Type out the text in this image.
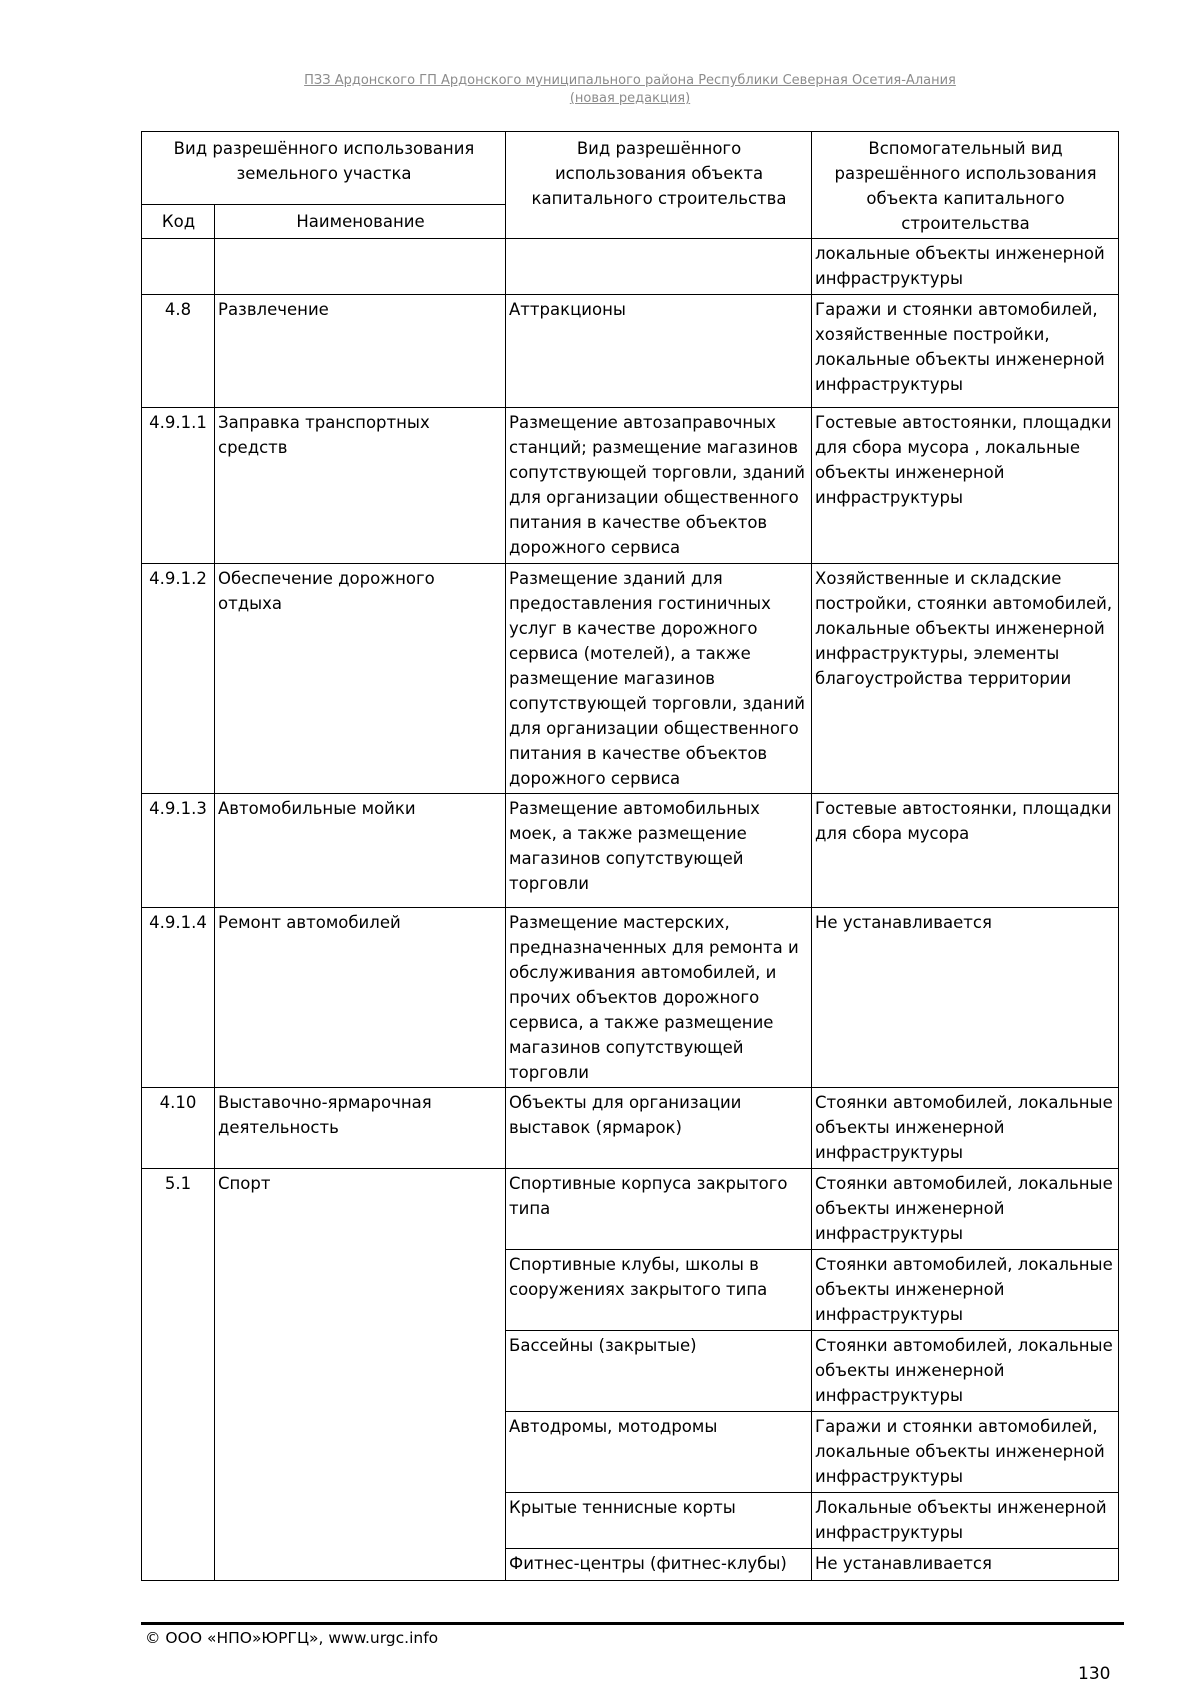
ПЗЗ Ардонского ГП Ардонского муниципального района Республики Северная Осетия-Алания
(новая редакция)
Вид разрешённого использования земельного участка		Вид разрешённого использования объекта капитального строительства	Вспомогательный вид разрешённого использования объекта капитального строительства
Код	Наименование		
			локальные объекты инженерной инфраструктуры
4.8	Развлечение	Аттракционы	Гаражи и стоянки автомобилей, хозяйственные постройки, локальные объекты инженерной инфраструктуры
4.9.1.1	Заправка транспортных средств	Размещение автозаправочных станций; размещение магазинов сопутствующей торговли, зданий для организации общественного питания в качестве объектов дорожного сервиса	Гостевые автостоянки, площадки для сбора мусора , локальные объекты инженерной инфраструктуры
4.9.1.2	Обеспечение дорожного отдыха	Размещение зданий для предоставления гостиничных услуг в качестве дорожного сервиса (мотелей), а также размещение магазинов сопутствующей торговли, зданий для организации общественного питания в качестве объектов дорожного сервиса	Хозяйственные и складские постройки, стоянки автомобилей, локальные объекты инженерной инфраструктуры, элементы благоустройства территории
4.9.1.3	Автомобильные мойки	Размещение автомобильных моек, а также размещение магазинов сопутствующей торговли	Гостевые автостоянки, площадки для сбора мусора
4.9.1.4	Ремонт автомобилей	Размещение мастерских, предназначенных для ремонта и обслуживания автомобилей, и прочих объектов дорожного сервиса, а также размещение магазинов сопутствующей торговли	Не устанавливается
4.10	Выставочно-ярмарочная деятельность	Объекты для организации выставок (ярмарок)	Стоянки автомобилей, локальные объекты инженерной инфраструктуры
5.1	Спорт	Спортивные корпуса закрытого типа	Стоянки автомобилей, локальные объекты инженерной инфраструктуры
		Спортивные клубы, школы в сооружениях закрытого типа	Стоянки автомобилей, локальные объекты инженерной инфраструктуры
		Бассейны (закрытые)	Стоянки автомобилей, локальные объекты инженерной инфраструктуры
		Автодромы, мотодромы	Гаражи и стоянки автомобилей, локальные объекты инженерной инфраструктуры
		Крытые теннисные корты	Локальные объекты инженерной инфраструктуры
		Фитнес-центры (фитнес-клубы)	Не устанавливается
© ООО «НПО»ЮРГЦ», www.urgc.info
130
